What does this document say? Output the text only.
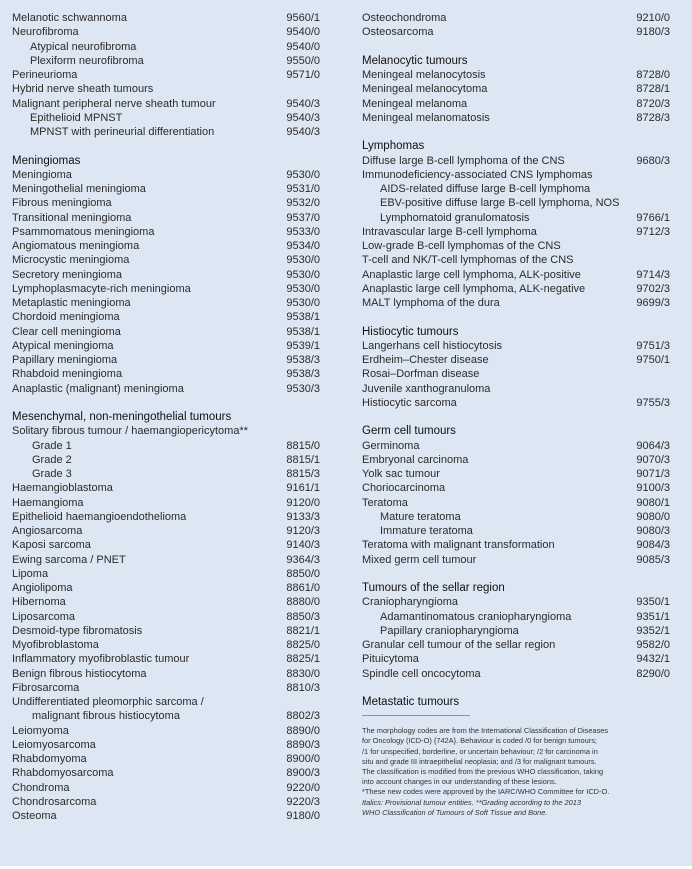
Melanotic schwannoma	9560/1
Neurofibroma	9540/0
Atypical neurofibroma	9540/0
Plexiform neurofibroma	9550/0
Perineurioma	9571/0
Hybrid nerve sheath tumours
Malignant peripheral nerve sheath tumour	9540/3
Epithelioid MPNST	9540/3
MPNST with perineurial differentiation	9540/3
Meningiomas
Meningioma	9530/0
Meningothelial meningioma	9531/0
Fibrous meningioma	9532/0
Transitional meningioma	9537/0
Psammomatous meningioma	9533/0
Angiomatous meningioma	9534/0
Microcystic meningioma	9530/0
Secretory meningioma	9530/0
Lymphoplasmacyte-rich meningioma	9530/0
Metaplastic meningioma	9530/0
Chordoid meningioma	9538/1
Clear cell meningioma	9538/1
Atypical meningioma	9539/1
Papillary meningioma	9538/3
Rhabdoid meningioma	9538/3
Anaplastic (malignant) meningioma	9530/3
Mesenchymal, non-meningothelial tumours
Solitary fibrous tumour / haemangiopericytoma**
Grade 1	8815/0
Grade 2	8815/1
Grade 3	8815/3
Haemangioblastoma	9161/1
Haemangioma	9120/0
Epithelioid haemangioendothelioma	9133/3
Angiosarcoma	9120/3
Kaposi sarcoma	9140/3
Ewing sarcoma / PNET	9364/3
Lipoma	8850/0
Angiolipoma	8861/0
Hibernoma	8880/0
Liposarcoma	8850/3
Desmoid-type fibromatosis	8821/1
Myofibroblastoma	8825/0
Inflammatory myofibroblastic tumour	8825/1
Benign fibrous histiocytoma	8830/0
Fibrosarcoma	8810/3
Undifferentiated pleomorphic sarcoma /
malignant fibrous histiocytoma	8802/3
Leiomyoma	8890/0
Leiomyosarcoma	8890/3
Rhabdomyoma	8900/0
Rhabdomyosarcoma	8900/3
Chondroma	9220/0
Chondrosarcoma	9220/3
Osteoma	9180/0
Osteochondroma	9210/0
Osteosarcoma	9180/3
Melanocytic tumours
Meningeal melanocytosis	8728/0
Meningeal melanocytoma	8728/1
Meningeal melanoma	8720/3
Meningeal melanomatosis	8728/3
Lymphomas
Diffuse large B-cell lymphoma of the CNS	9680/3
Immunodeficiency-associated CNS lymphomas
AIDS-related diffuse large B-cell lymphoma
EBV-positive diffuse large B-cell lymphoma, NOS
Lymphomatoid granulomatosis	9766/1
Intravascular large B-cell lymphoma	9712/3
Low-grade B-cell lymphomas of the CNS
T-cell and NK/T-cell lymphomas of the CNS
Anaplastic large cell lymphoma, ALK-positive	9714/3
Anaplastic large cell lymphoma, ALK-negative	9702/3
MALT lymphoma of the dura	9699/3
Histiocytic tumours
Langerhans cell histiocytosis	9751/3
Erdheim–Chester disease	9750/1
Rosai–Dorfman disease
Juvenile xanthogranuloma
Histiocytic sarcoma	9755/3
Germ cell tumours
Germinoma	9064/3
Embryonal carcinoma	9070/3
Yolk sac tumour	9071/3
Choriocarcinoma	9100/3
Teratoma	9080/1
Mature teratoma	9080/0
Immature teratoma	9080/3
Teratoma with malignant transformation	9084/3
Mixed germ cell tumour	9085/3
Tumours of the sellar region
Craniopharyngioma	9350/1
Adamantinomatous craniopharyngioma	9351/1
Papillary craniopharyngioma	9352/1
Granular cell tumour of the sellar region	9582/0
Pituicytoma	9432/1
Spindle cell oncocytoma	8290/0
Metastatic tumours

The morphology codes are from the International Classification of Diseases

for Oncology (ICD-O) {742A}. Behaviour is coded /0 for benign tumours;

/1 for unspecified, borderline, or uncertain behaviour; /2 for carcinoma in

situ and grade III intraepithelial neoplasia; and /3 for malignant tumours.

The classification is modified from the previous WHO classification, taking

into account changes in our understanding of these lesions.

*These new codes were approved by the IARC/WHO Committee for ICD-O.

Italics: Provisional tumour entities. **Grading according to the 2013

WHO Classification of Tumours of Soft Tissue and Bone.
